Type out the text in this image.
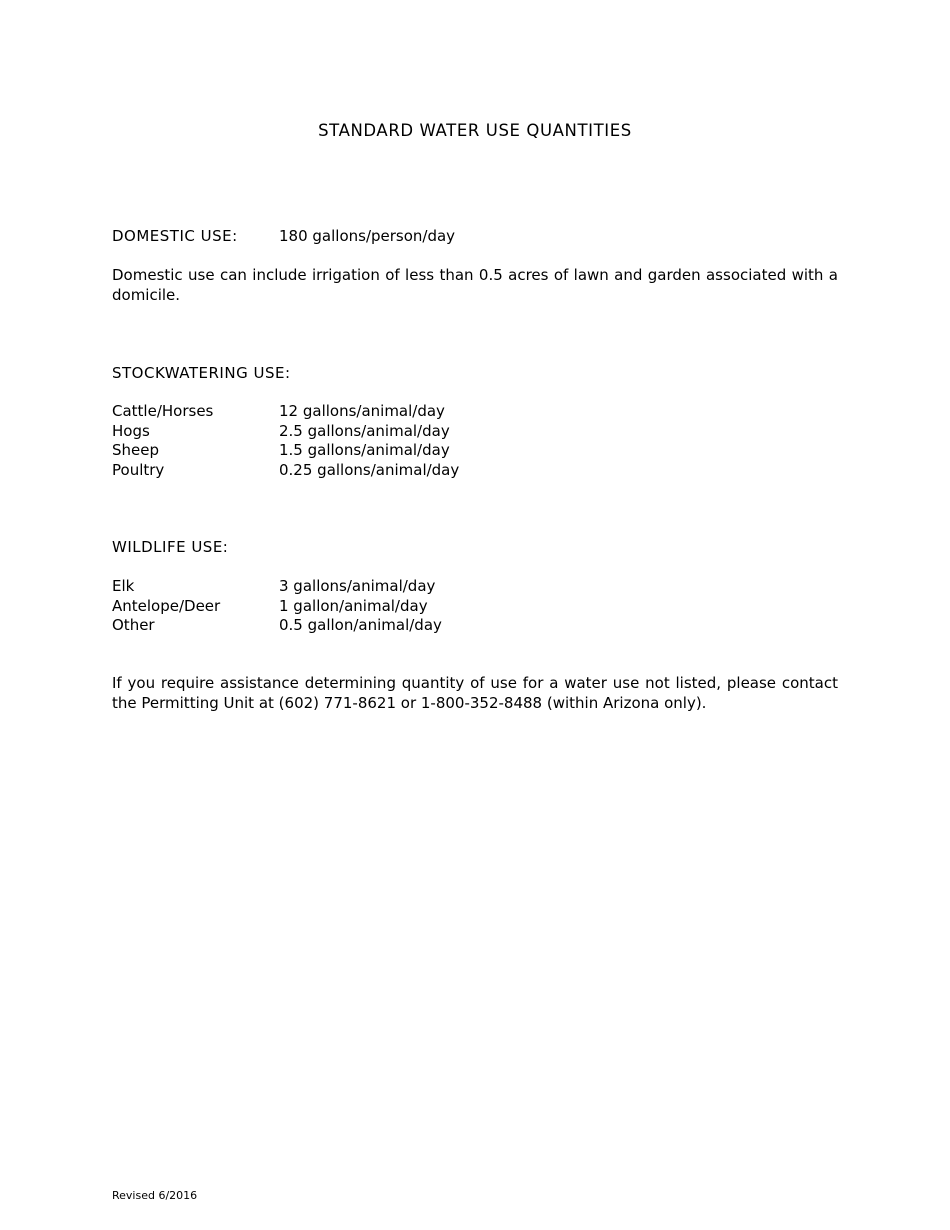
STANDARD WATER USE QUANTITIES
DOMESTIC USE:	180 gallons/person/day
Domestic use can include irrigation of less than 0.5 acres of lawn and garden associated with a domicile.
STOCKWATERING USE:
Cattle/Horses	12 gallons/animal/day
Hogs	2.5 gallons/animal/day
Sheep	1.5 gallons/animal/day
Poultry	0.25 gallons/animal/day
WILDLIFE USE:
Elk	3 gallons/animal/day
Antelope/Deer	1 gallon/animal/day
Other	0.5 gallon/animal/day
If you require assistance determining quantity of use for a water use not listed, please contact the Permitting Unit at (602) 771-8621 or 1-800-352-8488 (within Arizona only).
Revised 6/2016
